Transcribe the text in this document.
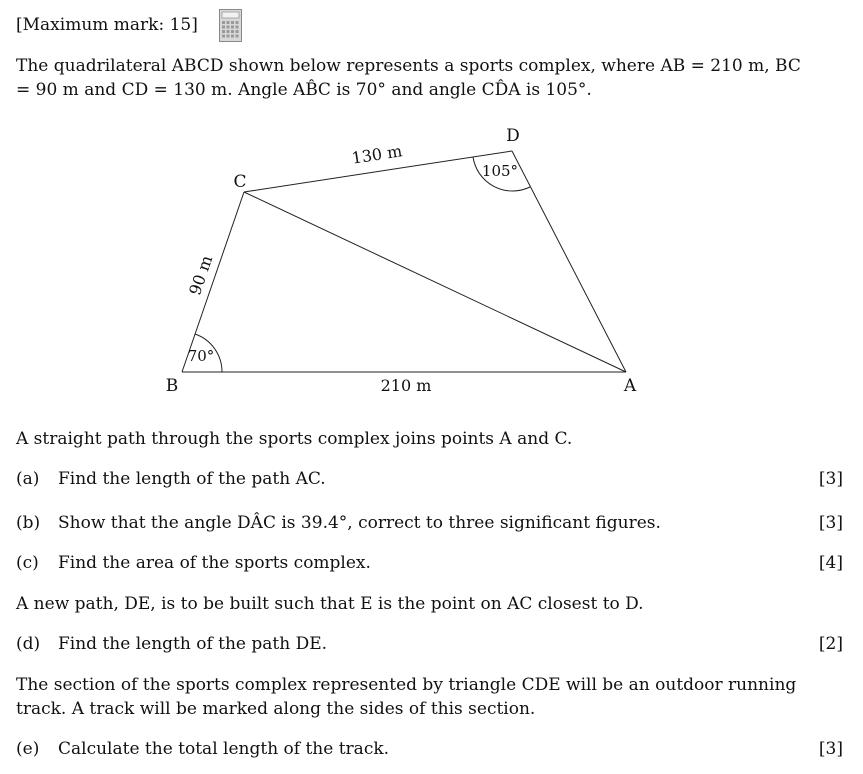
[Maximum mark: 15]
The quadrilateral ABCD shown below represents a sports complex, where AB = 210 m, BC
= 90 m and CD = 130 m. Angle AB̂C is 70° and angle CD̂A is 105°.
C
D
B	A
210 m
130 m
90 m
70°
105°
A straight path through the sports complex joins points A and C.
(a) Find the length of the path AC.	[3]
(b) Show that the angle DÂC is 39.4°, correct to three significant figures.	[3]
(c) Find the area of the sports complex.	[4]
A new path, DE, is to be built such that E is the point on AC closest to D.
(d) Find the length of the path DE.	[2]
The section of the sports complex represented by triangle CDE will be an outdoor running
track. A track will be marked along the sides of this section.
(e) Calculate the total length of the track.	[3]
